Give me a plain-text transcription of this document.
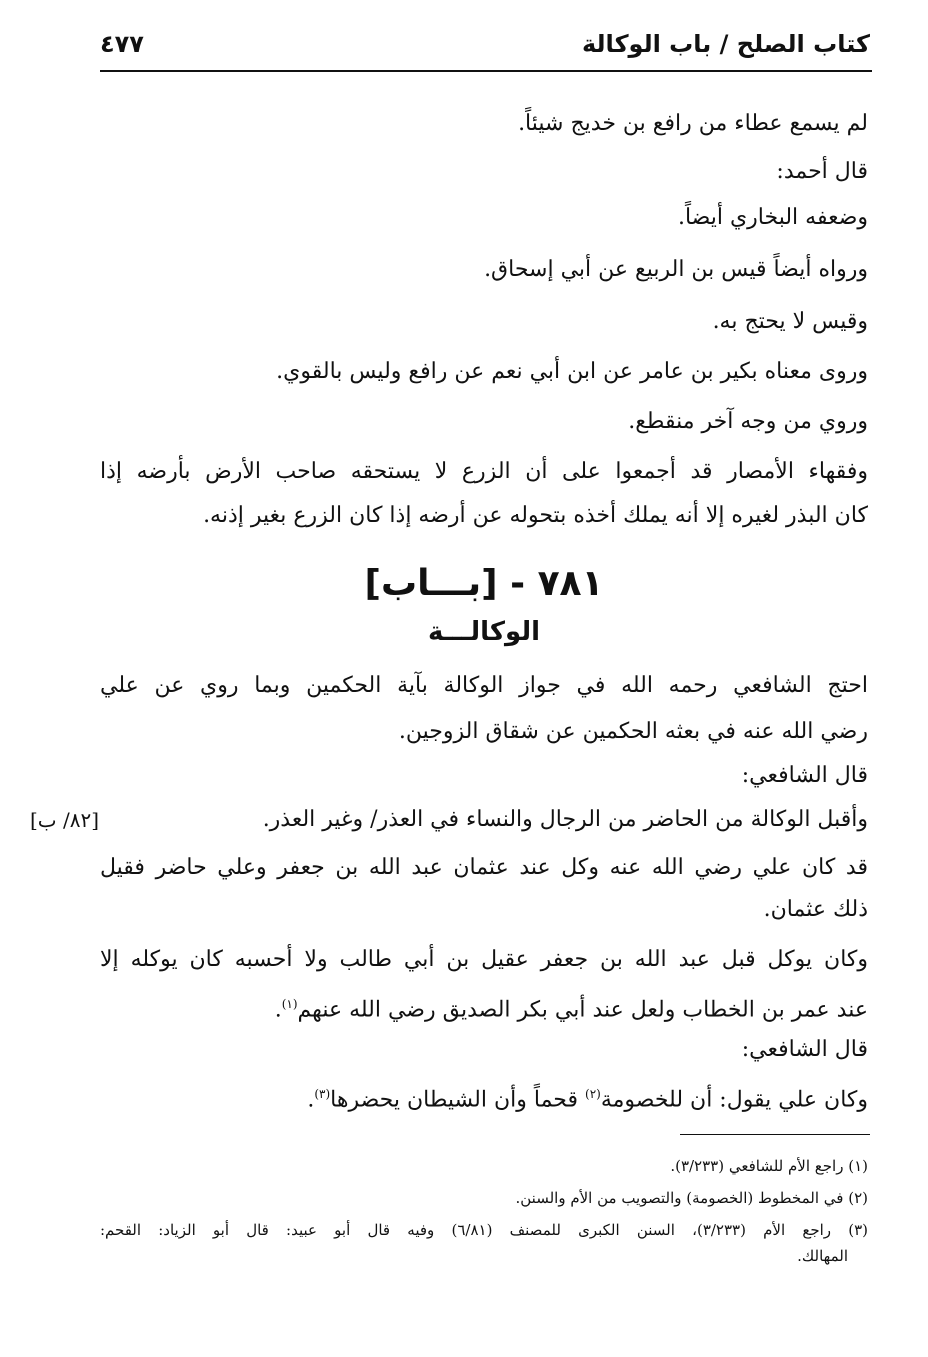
كتاب الصلح / باب الوكالة
٤٧٧
لم يسمع عطاء من رافع بن خديج شيئاً.
قال أحمد:
وضعفه البخاري أيضاً.
ورواه أيضاً قيس بن الربيع عن أبي إسحاق.
وقيس لا يحتج به.
وروى معناه بكير بن عامر عن ابن أبي نعم عن رافع وليس بالقوي.
وروي من وجه آخر منقطع.
وفقهاء الأمصار قد أجمعوا على أن الزرع لا يستحقه صاحب الأرض بأرضه إذا
كان البذر لغيره إلا أنه يملك أخذه بتحوله عن أرضه إذا كان الزرع بغير إذنه.
٧٨١ - [بـــاب]
الوكالـــة
احتج الشافعي رحمه الله في جواز الوكالة بآية الحكمين وبما روي عن علي
رضي الله عنه في بعثه الحكمين عن شقاق الزوجين.
قال الشافعي:
وأقبل الوكالة من الحاضر من الرجال والنساء في العذر/ وغير العذر.
[٨٢/ ب]
قد كان علي رضي الله عنه وكل عند عثمان عبد الله بن جعفر وعلي حاضر فقيل
ذلك عثمان.
وكان يوكل قبل عبد الله بن جعفر عقيل بن أبي طالب ولا أحسبه كان يوكله إلا
عند عمر بن الخطاب ولعل عند أبي بكر الصديق رضي الله عنهم$^{(١)}$.
قال الشافعي:
وكان علي يقول: أن للخصومة$^{(٢)}$ قحماً وأن الشيطان يحضرها$^{(٣)}$.
(١) راجع الأم للشافعي (٣/٢٣٣).
(٢) في المخطوط (الخصومة) والتصويب من الأم والسنن.
(٣) راجع الأم (٣/٢٣٣)، السنن الكبرى للمصنف (٦/٨١) وفيه قال أبو عبيد: قال أبو الزياد: القحم:
المهالك.
